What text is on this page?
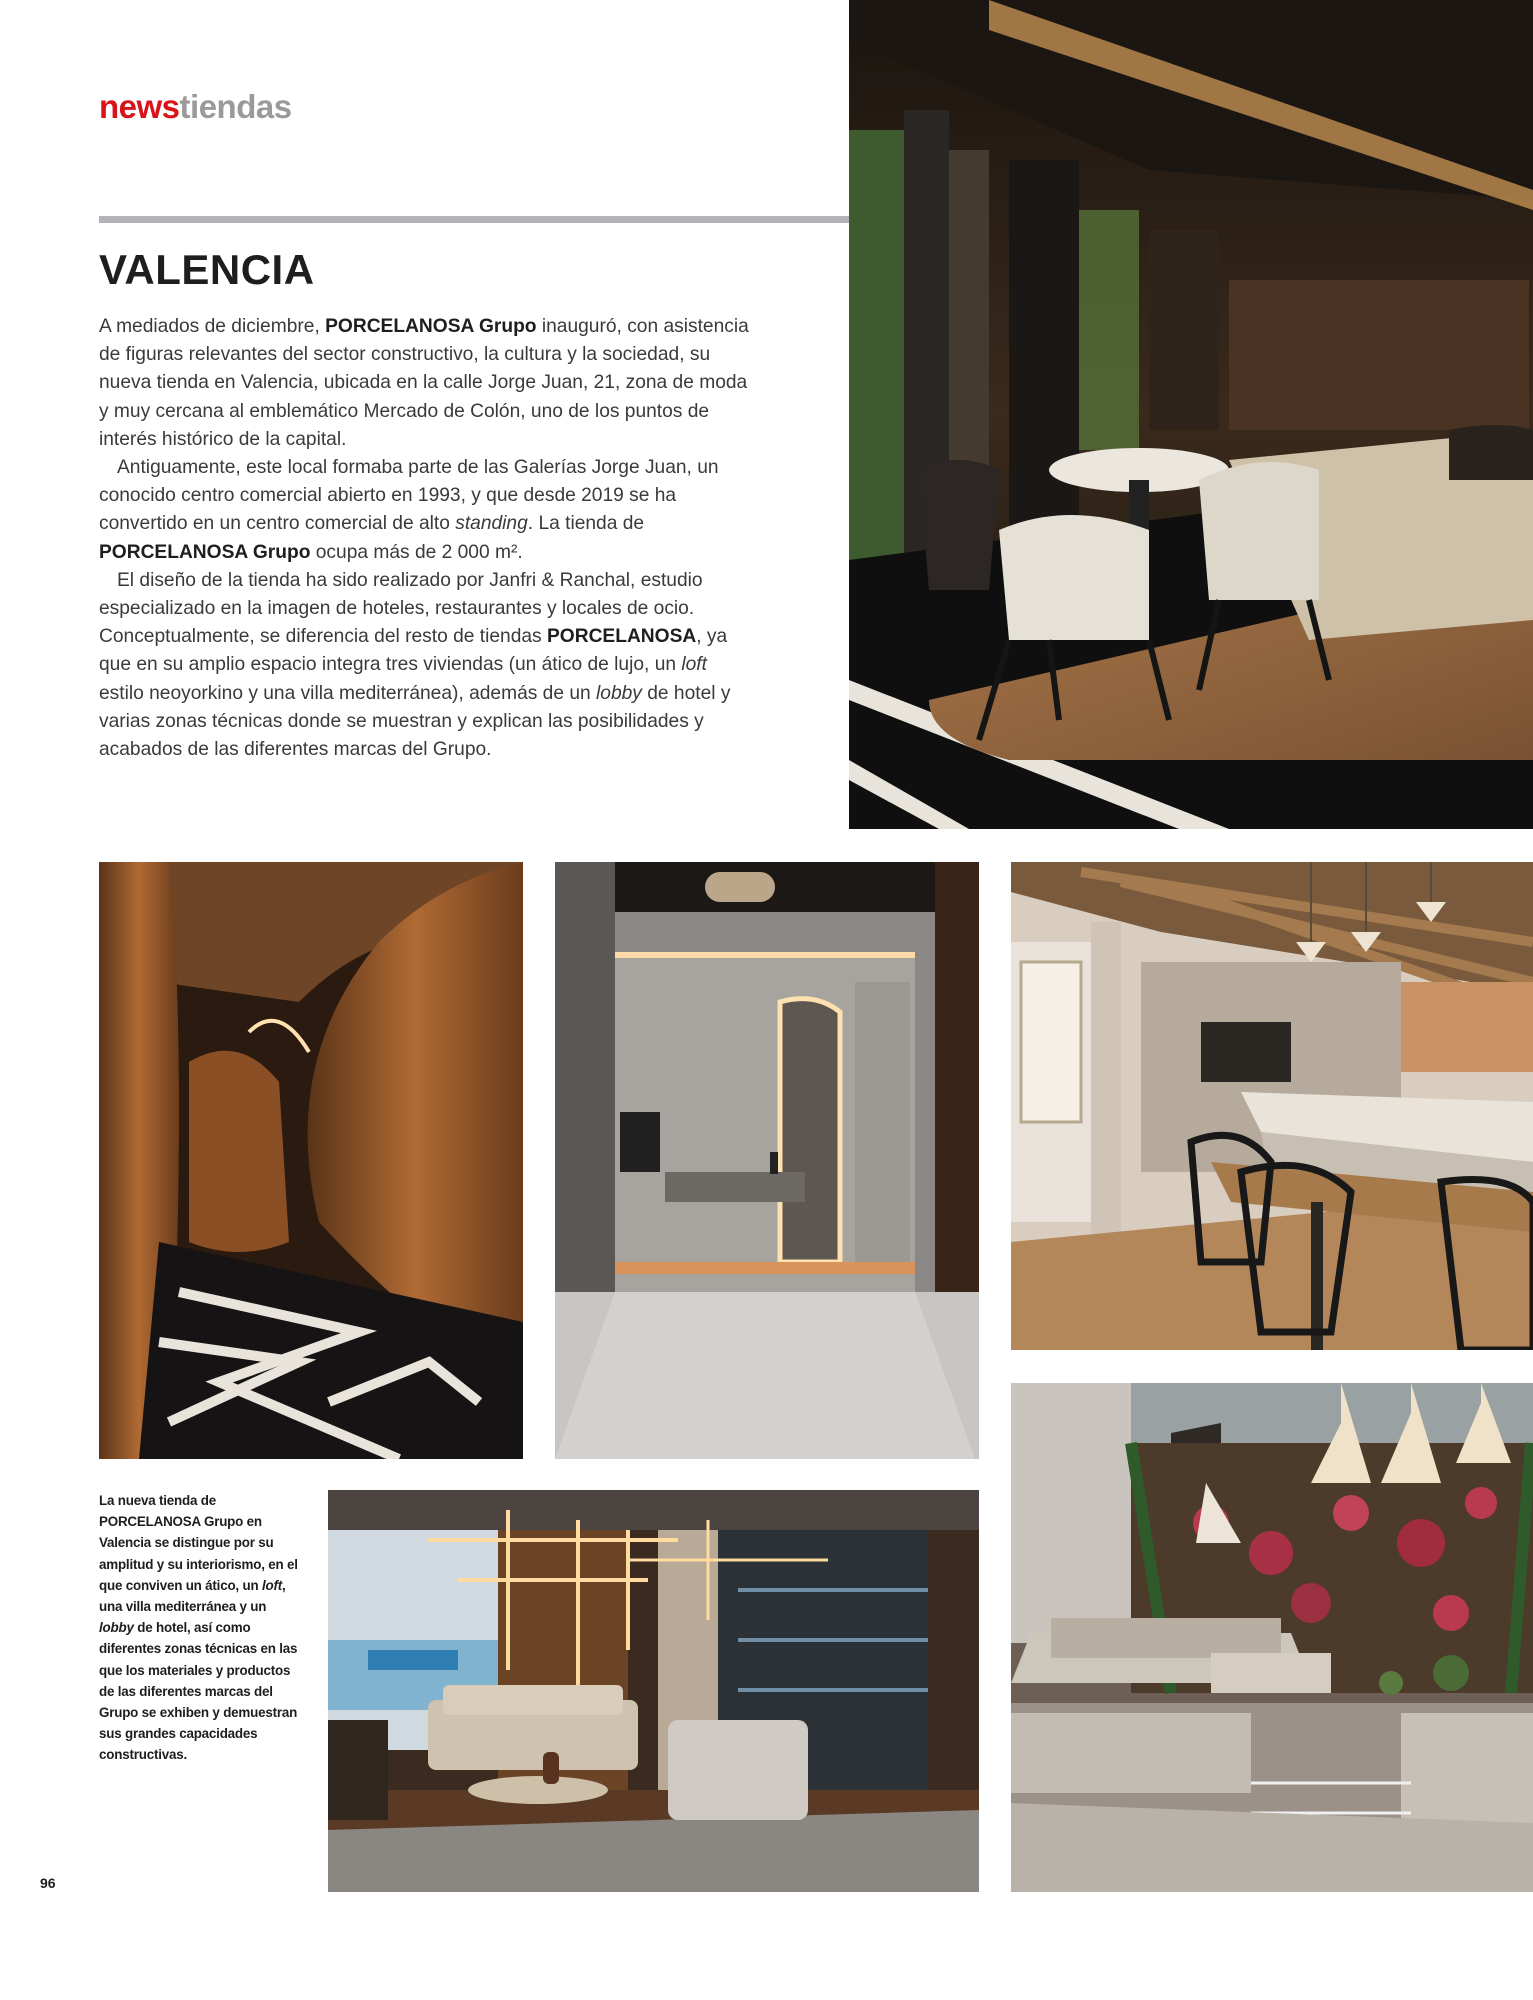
newstiendas
VALENCIA

A mediados de diciembre, PORCELANOSA Grupo inauguró, con asistencia de figuras relevantes del sector constructivo, la cultura y la sociedad, su nueva tienda en Valencia, ubicada en la calle Jorge Juan, 21, zona de moda y muy cercana al emblemático Mercado de Colón, uno de los puntos de interés histórico de la capital.

Antiguamente, este local formaba parte de las Galerías Jorge Juan, un conocido centro comercial abierto en 1993, y que desde 2019 se ha convertido en un centro comercial de alto standing. La tienda de PORCELANOSA Grupo ocupa más de 2 000 m².

El diseño de la tienda ha sido realizado por Janfri & Ranchal, estudio especializado en la imagen de hoteles, restaurantes y locales de ocio. Conceptualmente, se diferencia del resto de tiendas PORCELANOSA, ya que en su amplio espacio integra tres viviendas (un ático de lujo, un loft estilo neoyorkino y una villa mediterránea), además de un lobby de hotel y varias zonas técnicas donde se muestran y explican las posibilidades y acabados de las diferentes marcas del Grupo.

La nueva tienda de PORCELANOSA Grupo en Valencia se distingue por su amplitud y su interiorismo, en el que conviven un ático, un loft, una villa mediterránea y un lobby de hotel, así como diferentes zonas técnicas en las que los materiales y productos de las diferentes marcas del Grupo se exhiben y demuestran sus grandes capacidades constructivas.

96
